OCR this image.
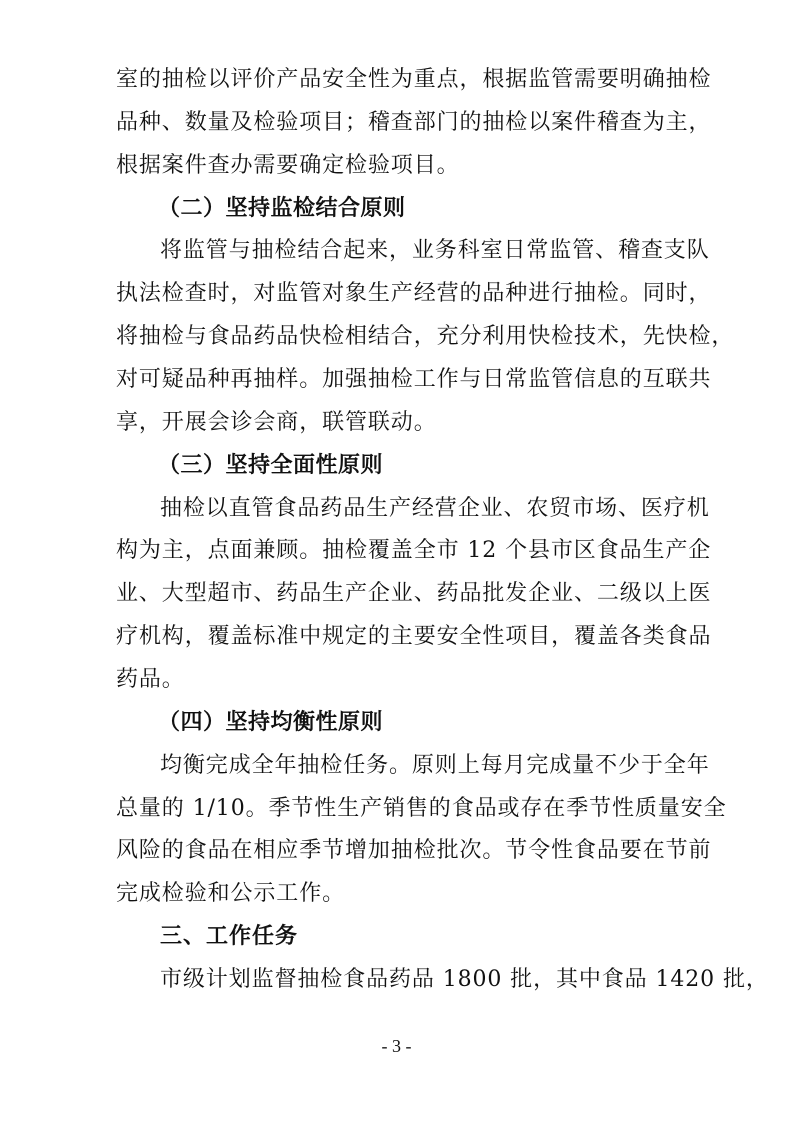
室的抽检以评价产品安全性为重点，根据监管需要明确抽检
品种、数量及检验项目；稽查部门的抽检以案件稽查为主，
根据案件查办需要确定检验项目。
（二）坚持监检结合原则
将监管与抽检结合起来，业务科室日常监管、稽查支队
执法检查时，对监管对象生产经营的品种进行抽检。同时，
将抽检与食品药品快检相结合，充分利用快检技术，先快检，
对可疑品种再抽样。加强抽检工作与日常监管信息的互联共
享，开展会诊会商，联管联动。
（三）坚持全面性原则
抽检以直管食品药品生产经营企业、农贸市场、医疗机
构为主，点面兼顾。抽检覆盖全市 12 个县市区食品生产企
业、大型超市、药品生产企业、药品批发企业、二级以上医
疗机构，覆盖标准中规定的主要安全性项目，覆盖各类食品
药品。
（四）坚持均衡性原则
均衡完成全年抽检任务。原则上每月完成量不少于全年
总量的 1/10。季节性生产销售的食品或存在季节性质量安全
风险的食品在相应季节增加抽检批次。节令性食品要在节前
完成检验和公示工作。
三、工作任务
市级计划监督抽检食品药品 1800 批，其中食品 1420 批，
- 3 -
